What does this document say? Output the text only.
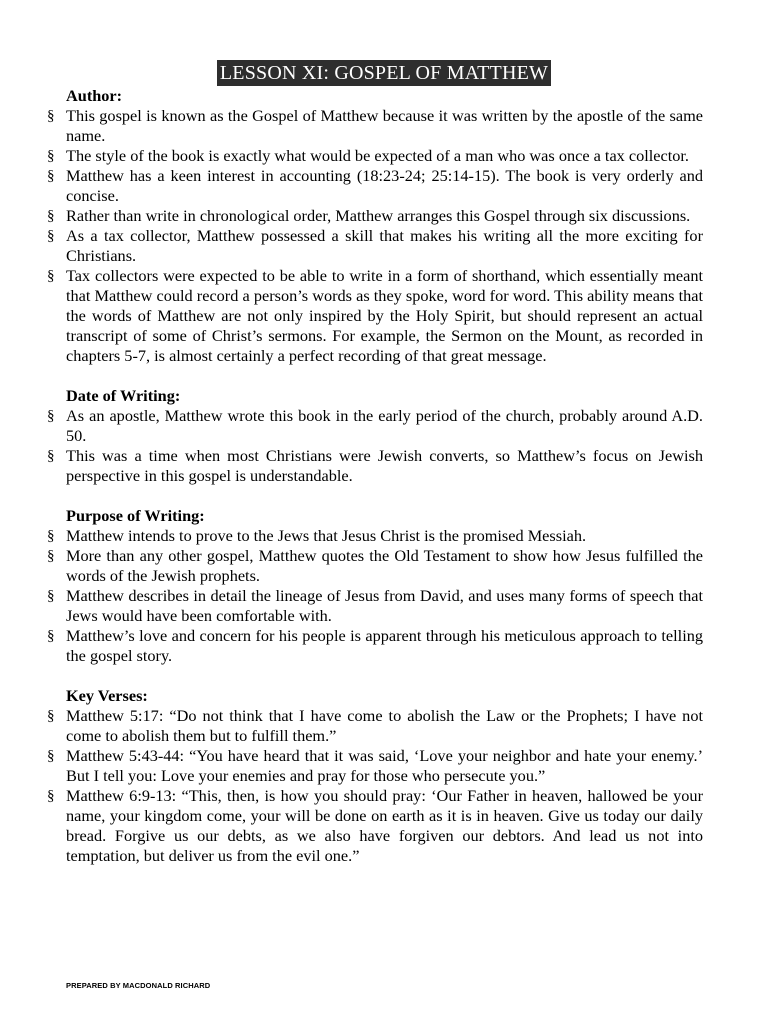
LESSON XI: GOSPEL OF MATTHEW
Author:
§ This gospel is known as the Gospel of Matthew because it was written by the apostle of the same name.
§ The style of the book is exactly what would be expected of a man who was once a tax collector.
§ Matthew has a keen interest in accounting (18:23-24; 25:14-15). The book is very orderly and concise.
§ Rather than write in chronological order, Matthew arranges this Gospel through six discussions.
§ As a tax collector, Matthew possessed a skill that makes his writing all the more exciting for Christians.
§ Tax collectors were expected to be able to write in a form of shorthand, which essentially meant that Matthew could record a person’s words as they spoke, word for word. This ability means that the words of Matthew are not only inspired by the Holy Spirit, but should represent an actual transcript of some of Christ’s sermons. For example, the Sermon on the Mount, as recorded in chapters 5-7, is almost certainly a perfect recording of that great message.
Date of Writing:
§ As an apostle, Matthew wrote this book in the early period of the church, probably around A.D. 50.
§ This was a time when most Christians were Jewish converts, so Matthew’s focus on Jewish perspective in this gospel is understandable.
Purpose of Writing:
§ Matthew intends to prove to the Jews that Jesus Christ is the promised Messiah.
§ More than any other gospel, Matthew quotes the Old Testament to show how Jesus fulfilled the words of the Jewish prophets.
§ Matthew describes in detail the lineage of Jesus from David, and uses many forms of speech that Jews would have been comfortable with.
§ Matthew’s love and concern for his people is apparent through his meticulous approach to telling the gospel story.
Key Verses:
§ Matthew 5:17: “Do not think that I have come to abolish the Law or the Prophets; I have not come to abolish them but to fulfill them.”
§ Matthew 5:43-44: “You have heard that it was said, ‘Love your neighbor and hate your enemy.’ But I tell you: Love your enemies and pray for those who persecute you.”
§ Matthew 6:9-13: “This, then, is how you should pray: ‘Our Father in heaven, hallowed be your name, your kingdom come, your will be done on earth as it is in heaven. Give us today our daily bread. Forgive us our debts, as we also have forgiven our debtors. And lead us not into temptation, but deliver us from the evil one.”
PREPARED BY MACDONALD RICHARD
